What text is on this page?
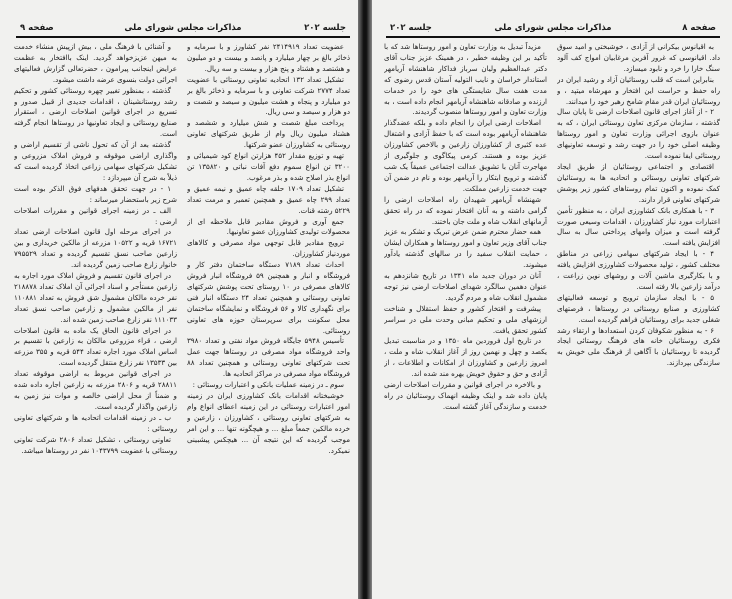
جلسه ۲۰۲
مذاکرات مجلس شورای ملی
صفحه ۹

و آشنائی با فرهنگ ملی ، بیش ازپیش منشاء خدمت به میهن عزیزخواهد گردید. اینک باافتخار به عظمت عرایض اینجانب پیرامون ، حضرتعالی گزارش فعالیتهای اجرائی دولت بنسوی عرضه داشت میشود.

گذشته ، بمنظور تغییر چهره روستائی کشور و تحکیم رشد روستانشینان ، اقدامات جدیدی از قبیل صدور و تسریع در اجرای قوانین اصلاحات ارضی ، استقرار صنایع روستائی و ایجاد تعاونیها در روستاها انجام گرفته است.

گذشته بعد از آن که تحول ناشی از تقسیم اراضی و واگذاری اراضی موقوفه و فروش املاک مزروعی و تشکیل شرکتهای سهامی زراعی اتخاذ گردیده است که ذیلاً به شرح آن میپردازد :

۱ - در جهت تحقق هدفهای فوق الذکر بوده است شرح زیر باستحضار میرساند :

الف ـ در زمینه اجرای قوانین و مقررات اصلاحات ارضی :

در اجرای مرحله اول قانون اصلاحات ارضی تعداد ۱۶۷۲۱ قریه و ۱۰۵۲۲ مزرعه از مالکین خریداری و بین زارعین صاحب نسق تقسیم گردیده و تعداد ۷۹۵۵۲۹ خانوار زارع صاحب زمین گردیده اند.

در اجرای قانون تقسیم و فروش املاک مورد اجاره به زارعین مستأجر و اسناد اجرائی آن املاک تعداد ۲۱۸۸۷۸ نفر خرده مالکان مشمول شق فروش به تعداد ۱۱۰۸۸۱ نفر از مالکین مشمول و زارعین صاحب نسق تعداد ۱۱۱۰۳۳ نفر زارع صاحب زمین شده اند.

در اجرای قانون الحاق یک ماده به قانون اصلاحات ارضی ، قراء مزروعی مالکان به زارعین با تقسیم بر اساس املاک مورد اجاره تعداد ۵۴۴ قریه و ۳۵۵ مزرعه بین ۱۳۵۳۳ نفر زارع منتقل گردیده است.

در اجرای قوانین مربوط به اراضی موقوفه تعداد ۲۸۸۱۱ قریه و ۲۸۰۶ مزرعه به زارعین اجاره داده شده و ضمناً از محل اراضی خالصه و موات نیز زمین به زارعین واگذار گردیده است.

ب ـ در زمینه اقدامات اتحادیه ها و شرکتهای تعاونی روستائی :

تعاونی روستائی ، تشکیل تعداد ۲۸۰۶ شرکت تعاونی روستائی با عضویت ۱۰۴۳۷۹۹ نفر در روستاها میباشد.

عضویت تعداد ۲۴۱۴۹۱۹ نفر کشاورز و با سرمایه و ذخائر بالغ بر چهار میلیارد و پانصد و بیست و دو میلیون و هشتصد و هشتاد و پنج هزار و بیست و سه ریال.

تشکیل تعداد ۱۳۲ اتحادیه تعاونی روستائی با عضویت تعداد ۲۷۷۴ شرکت تعاونی و با سرمایه و ذخائر بالغ بر دو میلیارد و پنجاه و هشت میلیون و سیصد و شصت و دو هزار و سیصد و سی ریال.

پرداخت مبلغ شصت و شش میلیارد و ششصد و هشتاد میلیون ریال وام از طریق شرکتهای تعاونی روستائی به کشاورزان عضو شرکتها.

تهیه و توزیع مقدار ۴۵۲ هزارتن انواع کود شیمیائی و ۳۲۰۰ تن انواع سموم دفع آفات نباتی و ۱۳۵۸۲۰ تن انواع بذر اصلاح شده و بذر مرغوب.

تشکیل تعداد ۱۷۰۹ حلقه چاه عمیق و نیمه عمیق و تعداد ۲۹۹ چاه عمیق و همچنین تعمیر و مرمت تعداد ۵۲۲۹ رشته قنات.

جمع آوری و فروش مقادیر قابل ملاحظه ای از محصولات تولیدی کشاورزان عضو تعاونیها.

ترویج مقادیر قابل توجهی مواد مصرفی و کالاهای موردنیاز کشاورزان.

احداث تعداد ۷۱۸۹ دستگاه ساختمان دفتر کار و فروشگاه و انبار و همچنین ۵۹ فروشگاه انبار فروش کالاهای مصرفی در ۱۰ روستای تحت پوشش شرکتهای تعاونی روستائی و همچنین تعداد ۲۴ دستگاه انبار فنی برای نگهداری کالا و ۵۶ فروشگاه و نمایشگاه ساختمان محل سکونت برای سرپرستان حوزه های تعاونی روستائی.

تأسیس ۵۹۴۸ جایگاه فروش مواد نفتی و تعداد ۳۹۸۰ واحد فروشگاه مواد مصرفی در روستاها جهت عمل تحت شرکتهای تعاونی روستائی و همچنین تعداد ۸۸ فروشگاه مواد مصرفی در مراکز اتحادیه ها.

سوم ـ در زمینه عملیات بانکی و اعتبارات روستائی :

خوشبختانه اقدامات بانک کشاورزی ایران در زمینه امور اعتبارات روستائی در این زمینه اعطای انواع وام به شرکتهای تعاونی روستائی ، کشاورزان ، زارعین و خرده مالکین جمعاً مبلغ ... و هیچگونه تنها ... و این امر موجب گردیده که این نتیجه آن ... هیچکس پیشبینی نمیکرد.

صفحه ۸
مذاکرات مجلس شورای ملی
جلسه ۲۰۲

مزیداً تبدیل به وزارت تعاون و امور روستاها شد که با تأکید بر این وظیفه خطیر ، در همینک عزیز جناب آقای دکتر عبدالعظیم ولیان سرباز فداکار شاهنشاه آریامهر استاندار خراسان و نایب التولیه آستان قدس رضوی که مدت هفت سال شایستگی های خود را در خدمات ارزنده و صادقانه شاهنشاه آریامهر انجام داده است ، به وزارت تعاون و امور روستاها منصوب گردیدند.

اصلاحات ارضی ایران را انجام داده و بلکه عضدگذار شاهنشاه آریامهر بوده است که با حفظ آزادی و اشتغال عده کثیری از کشاورزان زارعین و بالاخص کشاورزان عزیز بوده و هستند. کرمی پیکاگوی و جلوگیری از مهاجرت آنان با تشویق عدالت اجتماعی عمیقاً یک شب گذشته و ترویج ابتکار را آریامهر بوده و نام در ضمن آن جهت خدمت زارعین مملکت.

شهنشاه آریامهر شهیدان راه اصلاحات ارضی را گرامی داشته و به آنان افتخار نموده که در راه تحقق آرمانهای انقلاب شاه و ملت جان باختند.

همه حضار محترم ضمن عرض تبریک و تشکر به عزیز جناب آقای وزیر تعاون و امور روستاها و همکاران ایشان ، حمایت انقلاب سفید را در سالهای گذشته یادآور میشوند.

آنان در دوران جدید ماه ۱۳۴۱ در تاریخ شانزدهم به عنوان دهمین سالگرد شهدای اصلاحات ارضی نیز توجه مشمول انقلاب شاه و مردم گردید.

پیشرفت و افتخار کشور و حفظ استقلال و شناخت ارزشهای ملی و تحکیم مبانی وحدت ملی در سراسر کشور تحقق یافت.

در تاریخ اول فروردین ماه ۱۳۵۰ و در مناسبت تبدیل یکصد و چهل و نهمین روز از آغاز انقلاب شاه و ملت ، امروز زارعین و کشاورزان از امکانات و اطلاعات ، از آزادی و حق و حقوق خویش بهره مند شده اند.

و بالاخره در اجرای قوانین و مقررات اصلاحات ارضی پایان داده شد و اینک وظیفه انهماک روستائیان در راه خدمت و سازندگی آغاز گشته است.

به اقیانوس بیکرانی از آزادی ، خوشبختی و امید سوق داد. اقیانوسی که غرور آفرین مرغابیان امواج کف آلود سنگ خارا را خرد و نابود میسازد.

بنابراین است که قلب روستائیان آزاد و رشید ایران در راه حفظ و حراست این افتخار و مهرشاه میتپد ، و روستائیان ایران قدر مقام شامخ رهبر خود را میدانند.

۲ - از آغاز اجرای قانون اصلاحات ارضی تا پایان سال گذشته ، سازمان مرکزی تعاون روستائی ایران ، که به عنوان بازوی اجرائی وزارت تعاون و امور روستاها وظیفه اصلی خود را در جهت رشد و توسعه تعاونیهای روستائی ایفا نموده است.

اقتصادی و اجتماعی روستائیان از طریق ایجاد شرکتهای تعاونی روستائی و اتحادیه ها به روستائیان کمک نموده و اکنون تمام روستاهای کشور زیر پوشش شرکتهای تعاونی قرار دارند.

۳ - با همکاری بانک کشاورزی ایران ، به منظور تأمین اعتبارات مورد نیاز کشاورزان ، اقدامات وسیعی صورت گرفته است و میزان وامهای پرداختی سال به سال افزایش یافته است.

۴ - با ایجاد شرکتهای سهامی زراعی در مناطق مختلف کشور ، تولید محصولات کشاورزی افزایش یافته و با بکارگیری ماشین آلات و روشهای نوین زراعت ، درآمد زارعین بالا رفته است.

۵ - با ایجاد سازمان ترویج و توسعه فعالیتهای کشاورزی و صنایع روستائی در روستاها ، فرصتهای شغلی جدید برای روستائیان فراهم گردیده است.

۶ - به منظور شکوفان کردن استعدادها و ارتقاء رشد فکری روستائیان خانه های فرهنگ روستائی ایجاد گردیده تا روستائیان با آگاهی از فرهنگ ملی خویش به سازندگی بپردازند.
